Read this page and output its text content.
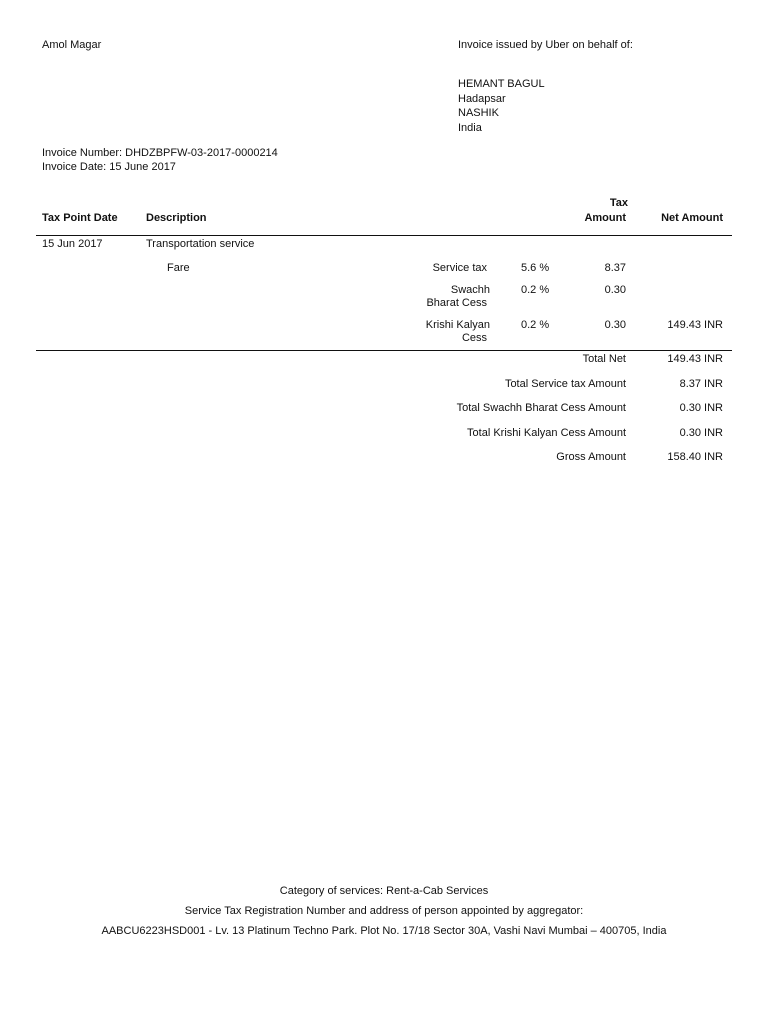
Amol Magar	Invoice issued by Uber on behalf of:
HEMANT BAGUL
Hadapsar
NASHIK
India
Invoice Number: DHDZBPFW-03-2017-0000214
Invoice Date: 15 June 2017
Tax Point Date	Description
Tax
Amount	Net Amount
15 Jun 2017	Transportation service
Fare	Service tax	5.6 %	8.37
Swachh
Bharat Cess
0.2 %	0.30
Krishi Kalyan
Cess
0.2 %	0.30	149.43 INR
Total Net	149.43 INR
Total Service tax Amount	8.37 INR
Total Swachh Bharat Cess Amount	0.30 INR
Total Krishi Kalyan Cess Amount	0.30 INR
Gross Amount	158.40 INR
Category of services: Rent-a-Cab Services
Service Tax Registration Number and address of person appointed by aggregator:
AABCU6223HSD001 - Lv. 13 Platinum Techno Park. Plot No. 17/18 Sector 30A, Vashi Navi Mumbai – 400705, India
